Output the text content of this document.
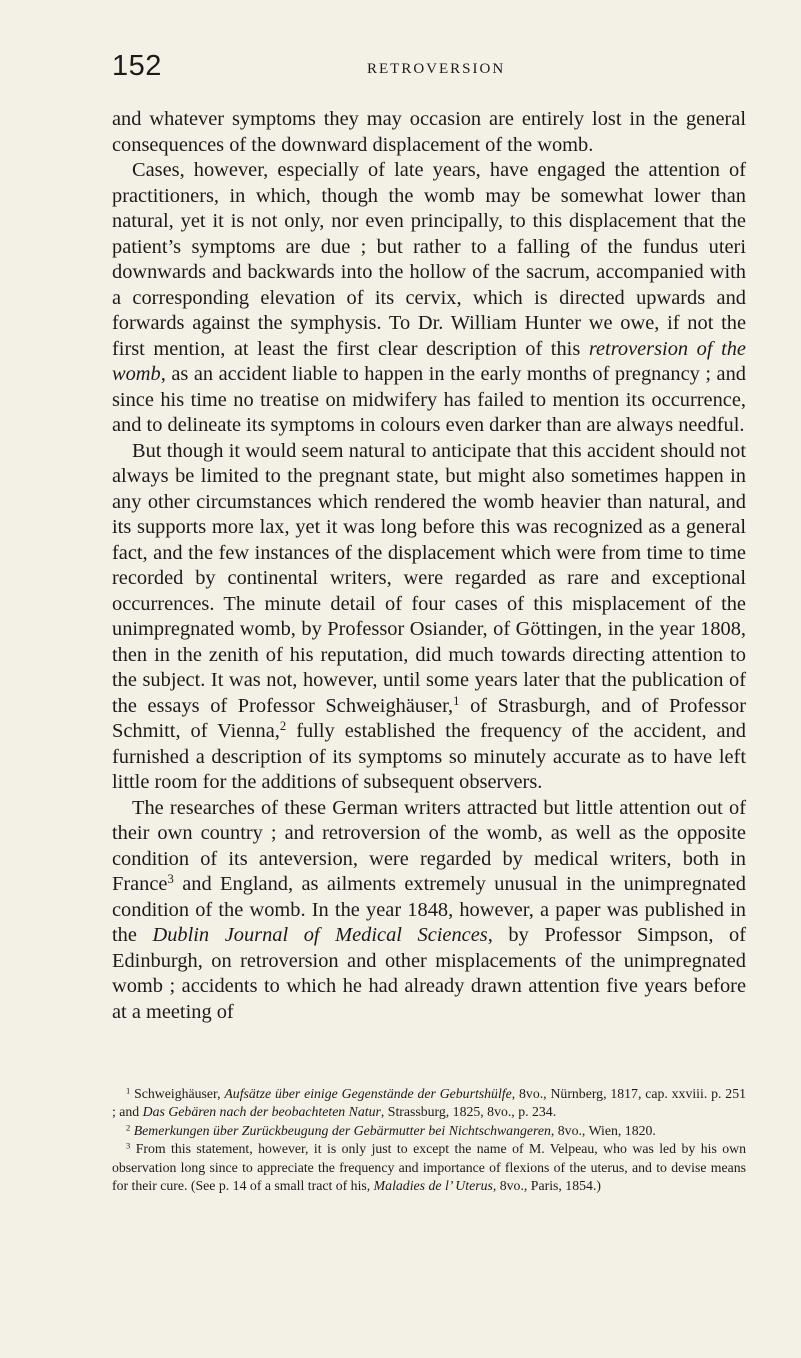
152	RETROVERSION

and whatever symptoms they may occasion are entirely lost in the general consequences of the downward displacement of the womb.

Cases, however, especially of late years, have engaged the attention of practitioners, in which, though the womb may be somewhat lower than natural, yet it is not only, nor even principally, to this displacement that the patient’s symptoms are due ; but rather to a falling of the fundus uteri downwards and backwards into the hollow of the sacrum, accompanied with a corresponding elevation of its cervix, which is directed upwards and forwards against the symphysis. To Dr. William Hunter we owe, if not the first mention, at least the first clear description of this retroversion of the womb, as an accident liable to happen in the early months of pregnancy ; and since his time no treatise on midwifery has failed to mention its occurrence, and to delineate its symptoms in colours even darker than are always needful.

But though it would seem natural to anticipate that this accident should not always be limited to the pregnant state, but might also sometimes happen in any other circumstances which rendered the womb heavier than natural, and its supports more lax, yet it was long before this was recognized as a general fact, and the few instances of the displacement which were from time to time recorded by continental writers, were regarded as rare and exceptional occurrences. The minute detail of four cases of this misplacement of the unimpregnated womb, by Professor Osiander, of Göttingen, in the year 1808, then in the zenith of his reputation, did much towards directing attention to the subject. It was not, however, until some years later that the publication of the essays of Professor Schweighäuser,$^1$ of Strasburgh, and of Professor Schmitt, of Vienna,$^2$ fully established the frequency of the accident, and furnished a description of its symptoms so minutely accurate as to have left little room for the additions of subsequent observers.

The researches of these German writers attracted but little attention out of their own country ; and retroversion of the womb, as well as the opposite condition of its anteversion, were regarded by medical writers, both in France$^3$ and England, as ailments extremely unusual in the unimpregnated condition of the womb. In the year 1848, however, a paper was published in the Dublin Journal of Medical Sciences, by Professor Simpson, of Edinburgh, on retroversion and other misplacements of the unimpregnated womb ; accidents to which he had already drawn attention five years before at a meeting of

$^1$ Schweighäuser, Aufsätze über einige Gegenstände der Geburtshülfe, 8vo., Nürnberg, 1817, cap. xxviii. p. 251 ; and Das Gebären nach der beobachteten Natur, Strassburg, 1825, 8vo., p. 234.

$^2$ Bemerkungen über Zurückbeugung der Gebärmutter bei Nichtschwangeren, 8vo., Wien, 1820.

$^3$ From this statement, however, it is only just to except the name of M. Velpeau, who was led by his own observation long since to appreciate the frequency and importance of flexions of the uterus, and to devise means for their cure. (See p. 14 of a small tract of his, Maladies de l’ Uterus, 8vo., Paris, 1854.)
